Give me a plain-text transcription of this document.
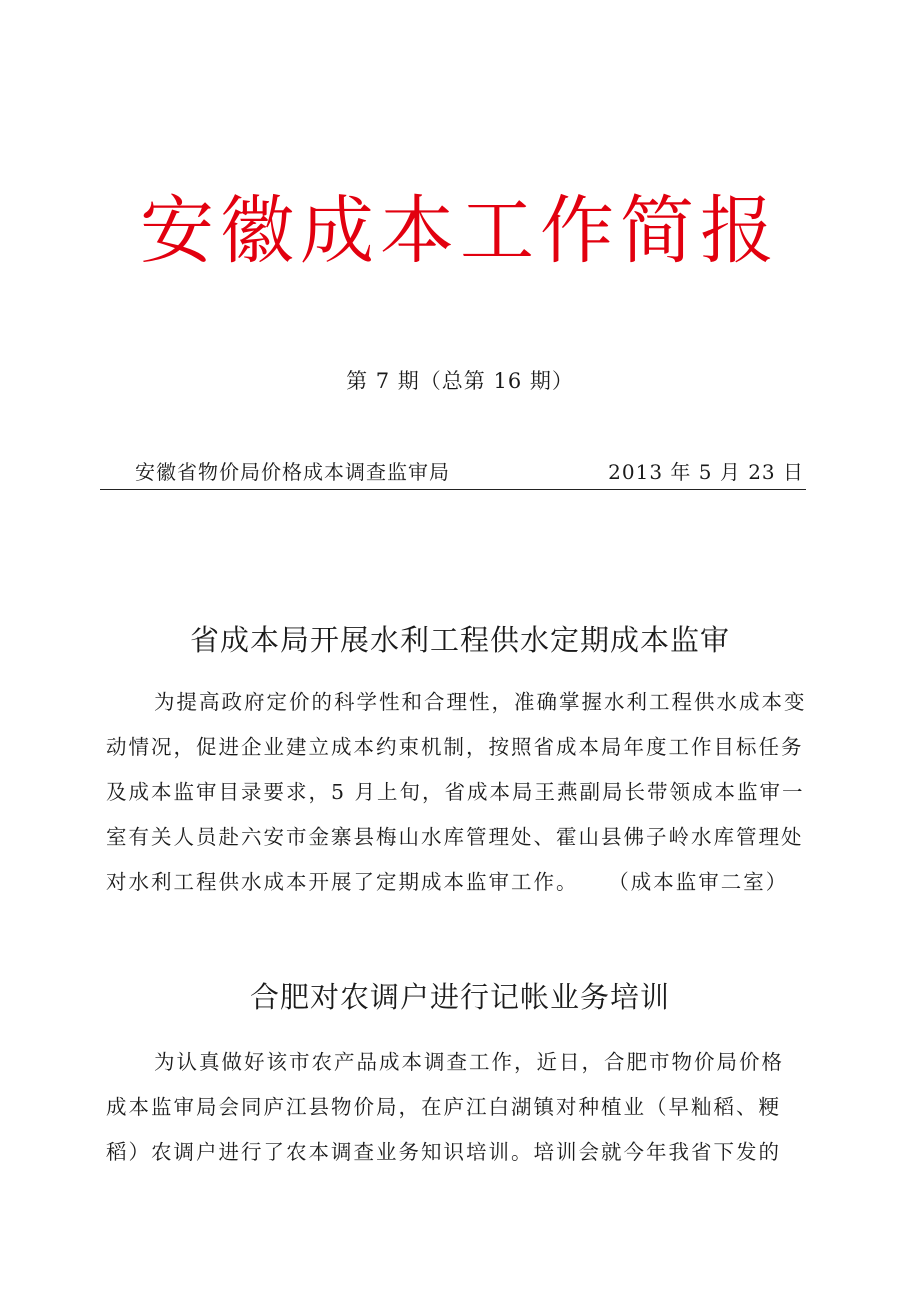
安徽成本工作简报
第 7 期（总第 16 期）
安徽省物价局价格成本调查监审局	2013 年 5 月 23 日
省成本局开展水利工程供水定期成本监审
为提高政府定价的科学性和合理性，准确掌握水利工程供水成本变
动情况，促进企业建立成本约束机制，按照省成本局年度工作目标任务
及成本监审目录要求，5 月上旬，省成本局王燕副局长带领成本监审一
室有关人员赴六安市金寨县梅山水库管理处、霍山县佛子岭水库管理处
对水利工程供水成本开展了定期成本监审工作。 （成本监审二室）
合肥对农调户进行记帐业务培训
为认真做好该市农产品成本调查工作，近日，合肥市物价局价格
成本监审局会同庐江县物价局，在庐江白湖镇对种植业（早籼稻、粳
稻）农调户进行了农本调查业务知识培训。培训会就今年我省下发的
